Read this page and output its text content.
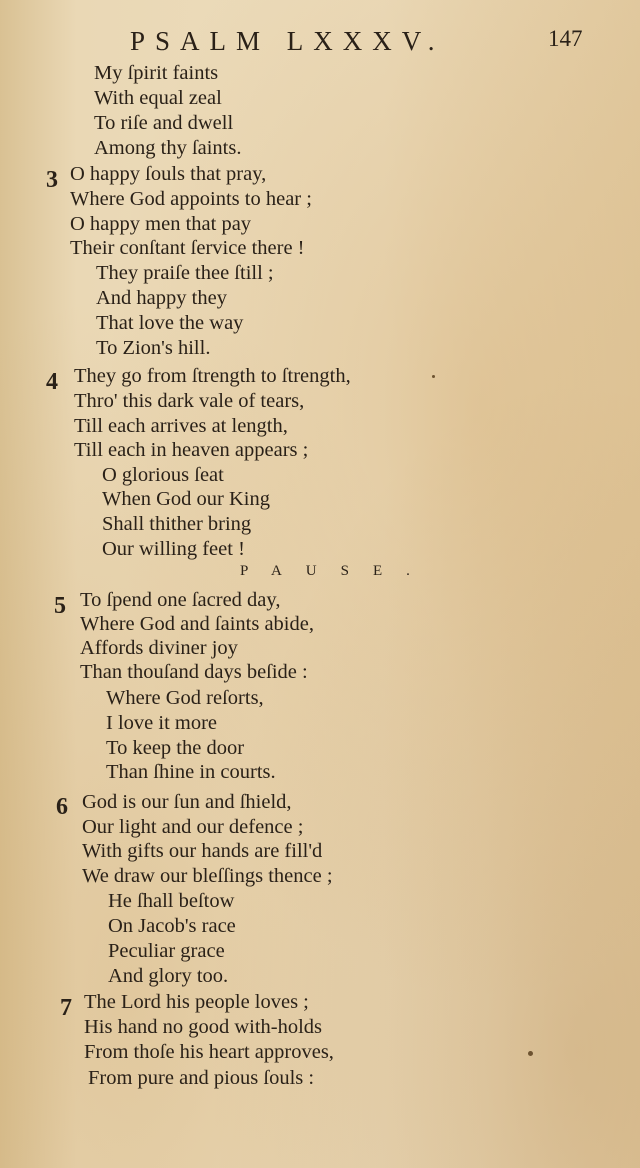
PSALM LXXXV.	147
My ſpirit faints
With equal zeal
To riſe and dwell
Among thy ſaints.
3 O happy ſouls that pray,
Where God appoints to hear ;
O happy men that pay
Their conſtant ſervice there !
They praiſe thee ſtill ;
And happy they
That love the way
To Zion's hill.
4 They go from ſtrength to ſtrength,
Thro' this dark vale of tears,
Till each arrives at length,
Till each in heaven appears ;
O glorious ſeat
When God our King
Shall thither bring
Our willing feet !
PAUSE.
5 To ſpend one ſacred day,
Where God and ſaints abide,
Affords diviner joy
Than thouſand days beſide :
Where God reſorts,
I love it more
To keep the door
Than ſhine in courts.
6 God is our ſun and ſhield,
Our light and our defence ;
With gifts our hands are fill'd
We draw our bleſſings thence ;
He ſhall beſtow
On Jacob's race
Peculiar grace
And glory too.
7 The Lord his people loves ;
His hand no good with-holds
From thoſe his heart approves,
From pure and pious ſouls :
